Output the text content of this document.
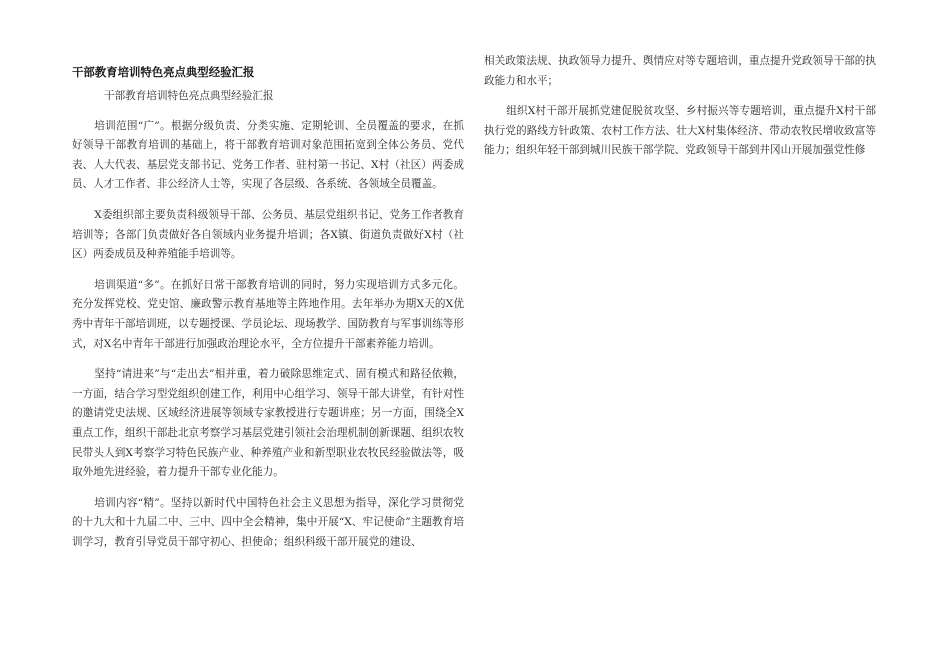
干部教育培训特色亮点典型经验汇报
干部教育培训特色亮点典型经验汇报

培训范围“广”。根据分级负责、分类实施、定期轮训、全员覆盖的要求，在抓好领导干部教育培训的基础上，将干部教育培训对象范围拓宽到全体公务员、党代表、人大代表、基层党支部书记、党务工作者、驻村第一书记、X村（社区）两委成员、人才工作者、非公经济人士等，实现了各层级、各系统、各领域全员覆盖。

X委组织部主要负责科级领导干部、公务员、基层党组织书记、党务工作者教育培训等；各部门负责做好各自领域内业务提升培训；各X镇、街道负责做好X村（社区）两委成员及种养殖能手培训等。

培训渠道“多”。在抓好日常干部教育培训的同时，努力实现培训方式多元化。充分发挥党校、党史馆、廉政警示教育基地等主阵地作用。去年举办为期X天的X优秀中青年干部培训班，以专题授课、学员论坛、现场教学、国防教育与军事训练等形式，对X名中青年干部进行加强政治理论水平，全方位提升干部素养能力培训。

坚持“请进来”与“走出去”相并重，着力破除思维定式、固有模式和路径依赖，一方面，结合学习型党组织创建工作，利用中心组学习、领导干部大讲堂，有针对性的邀请党史法规、区域经济进展等领域专家教授进行专题讲座；另一方面，围绕全X重点工作，组织干部赴北京考察学习基层党建引领社会治理机制创新课题、组织农牧民带头人到X考察学习特色民族产业、种养殖产业和新型职业农牧民经验做法等，吸取外地先进经验，着力提升干部专业化能力。

培训内容“精”。坚持以新时代中国特色社会主义思想为指导，深化学习贯彻党的十九大和十九届二中、三中、四中全会精神，集中开展“X、牢记使命”主题教育培训学习，教育引导党员干部守初心、担使命；组织科级干部开展党的建设、

相关政策法规、执政领导力提升、舆情应对等专题培训，重点提升党政领导干部的执政能力和水平；

组织X村干部开展抓党建促脱贫攻坚、乡村振兴等专题培训，重点提升X村干部执行党的路线方针政策、农村工作方法、壮大X村集体经济、带动农牧民增收致富等能力；组织年轻干部到城川民族干部学院、党政领导干部到井冈山开展加强党性修
